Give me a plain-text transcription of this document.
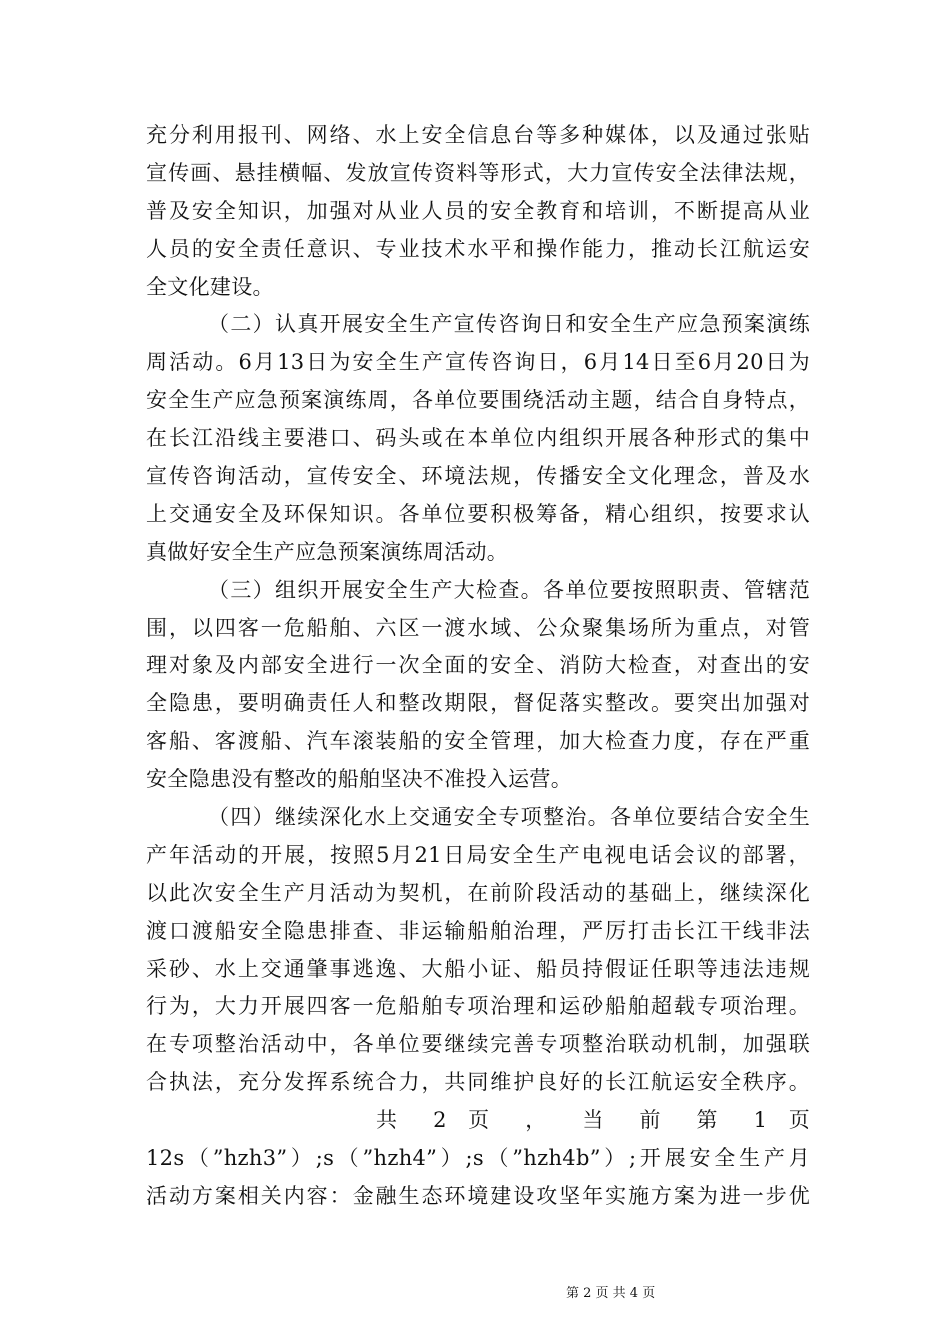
充分利用报刊、网络、水上安全信息台等多种媒体，以及通过张贴
宣传画、悬挂横幅、发放宣传资料等形式，大力宣传安全法律法规，
普及安全知识，加强对从业人员的安全教育和培训，不断提高从业
人员的安全责任意识、专业技术水平和操作能力，推动长江航运安
全文化建设。
（二）认真开展安全生产宣传咨询日和安全生产应急预案演练
周活动。6月13日为安全生产宣传咨询日，6月14日至6月20日为
安全生产应急预案演练周，各单位要围绕活动主题，结合自身特点，
在长江沿线主要港口、码头或在本单位内组织开展各种形式的集中
宣传咨询活动，宣传安全、环境法规，传播安全文化理念，普及水
上交通安全及环保知识。各单位要积极筹备，精心组织，按要求认
真做好安全生产应急预案演练周活动。
（三）组织开展安全生产大检查。各单位要按照职责、管辖范
围，以四客一危船舶、六区一渡水域、公众聚集场所为重点，对管
理对象及内部安全进行一次全面的安全、消防大检查，对查出的安
全隐患，要明确责任人和整改期限，督促落实整改。要突出加强对
客船、客渡船、汽车滚装船的安全管理，加大检查力度，存在严重
安全隐患没有整改的船舶坚决不准投入运营。
（四）继续深化水上交通安全专项整治。各单位要结合安全生
产年活动的开展，按照5月21日局安全生产电视电话会议的部署，
以此次安全生产月活动为契机，在前阶段活动的基础上，继续深化
渡口渡船安全隐患排查、非运输船舶治理，严厉打击长江干线非法
采砂、水上交通肇事逃逸、大船小证、船员持假证任职等违法违规
行为，大力开展四客一危船舶专项治理和运砂船舶超载专项治理。
在专项整治活动中，各单位要继续完善专项整治联动机制，加强联
合执法，充分发挥系统合力，共同维护良好的长江航运安全秩序。
共 2 页 ， 当 前 第 1 页
12s（”hzh3”）;s（”hzh4”）;s（”hzh4b”）;开展安全生产月
活动方案相关内容：金融生态环境建设攻坚年实施方案为进一步优
第 2 页 共 4 页
